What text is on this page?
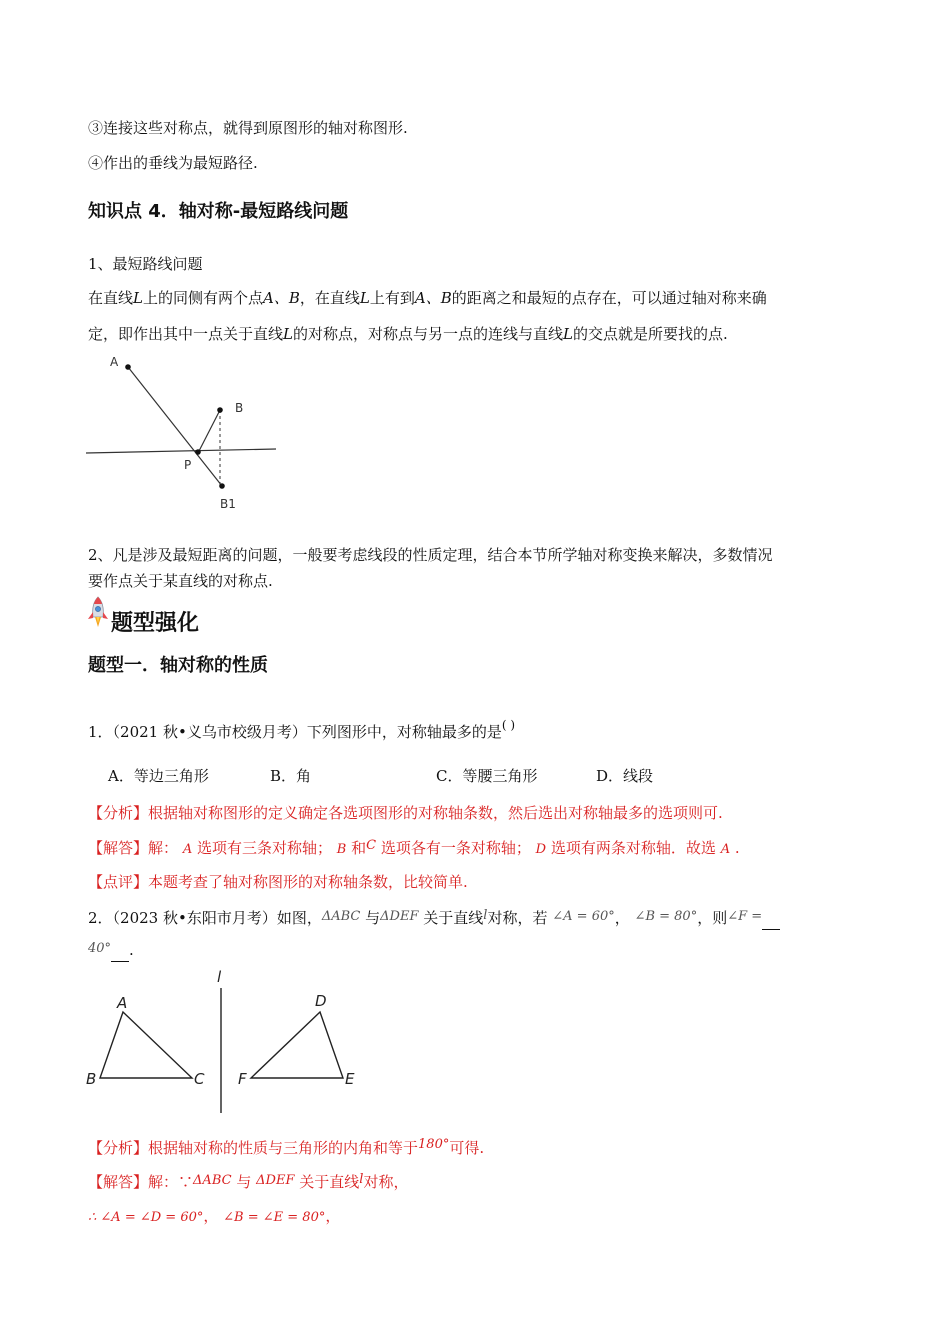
③连接这些对称点，就得到原图形的轴对称图形.
④作出的垂线为最短路径.
知识点 4．轴对称-最短路线问题
1、最短路线问题
在直线L上的同侧有两个点A、B，在直线L上有到A、B的距离之和最短的点存在，可以通过轴对称来确
定，即作出其中一点关于直线L的对称点，对称点与另一点的连线与直线L的交点就是所要找的点.
A
B
P
B1
2、凡是涉及最短距离的问题，一般要考虑线段的性质定理，结合本节所学轴对称变换来解决，多数情况
要作点关于某直线的对称点.
题型强化
题型一．轴对称的性质
1．（2021 秋•义乌市校级月考）下列图形中，对称轴最多的是( )
A．等边三角形	B．角	C．等腰三角形	D．线段
【分析】根据轴对称图形的定义确定各选项图形的对称轴条数，然后选出对称轴最多的选项则可.
【解答】解： A 选项有三条对称轴； B 和C 选项各有一条对称轴； D 选项有两条对称轴．故选 A .
【点评】本题考查了轴对称图形的对称轴条数，比较简单.
2．（2023 秋•东阳市月考）如图，ΔABC 与ΔDEF 关于直线l对称，若 ∠A = 60°， ∠B = 80°，则∠F =
40° .
l
A
B	C
D
F	E
【分析】根据轴对称的性质与三角形的内角和等于180°可得.
【解答】解：∵ΔABC 与 ΔDEF 关于直线l对称，
∴ ∠A = ∠D = 60°， ∠B = ∠E = 80°，
